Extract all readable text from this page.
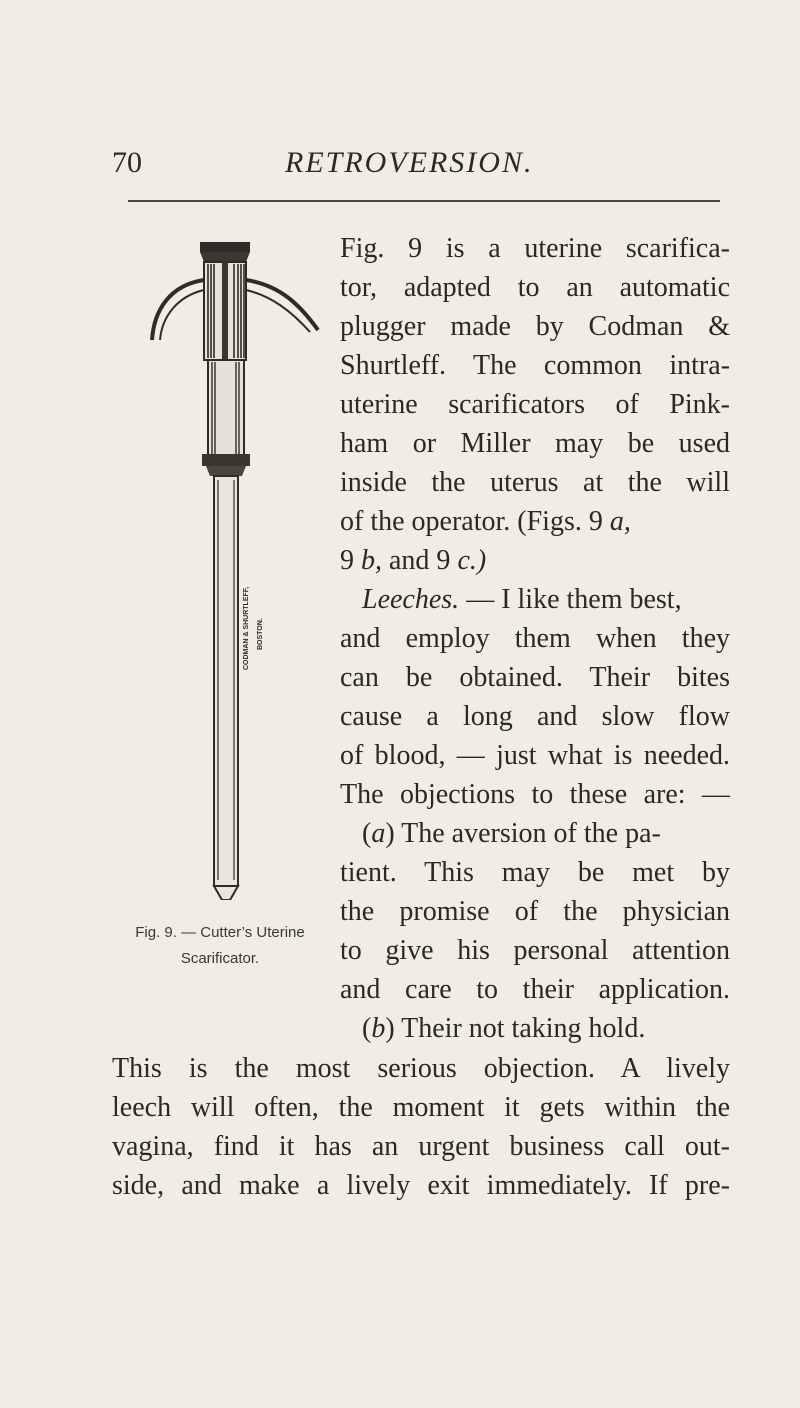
70	RETROVERSION.
CODMAN & SHURTLEFF, BOSTON.
Fig. 9. — Cutter’s Uterine
Scarificator.
Fig. 9 is a uterine scarifica-
tor, adapted to an automatic
plugger made by Codman &
Shurtleff. The common intra-
uterine scarificators of Pink-
ham or Miller may be used
inside the uterus at the will
of the operator. (Figs. 9 a,
9 b, and 9 c.)
Leeches. — I like them best,
and employ them when they
can be obtained. Their bites
cause a long and slow flow
of blood, — just what is needed.
The objections to these are: —
(a) The aversion of the pa-
tient. This may be met by
the promise of the physician
to give his personal attention
and care to their application.
(b) Their not taking hold.
This is the most serious objection. A lively
leech will often, the moment it gets within the
vagina, find it has an urgent business call out-
side, and make a lively exit immediately. If pre-
